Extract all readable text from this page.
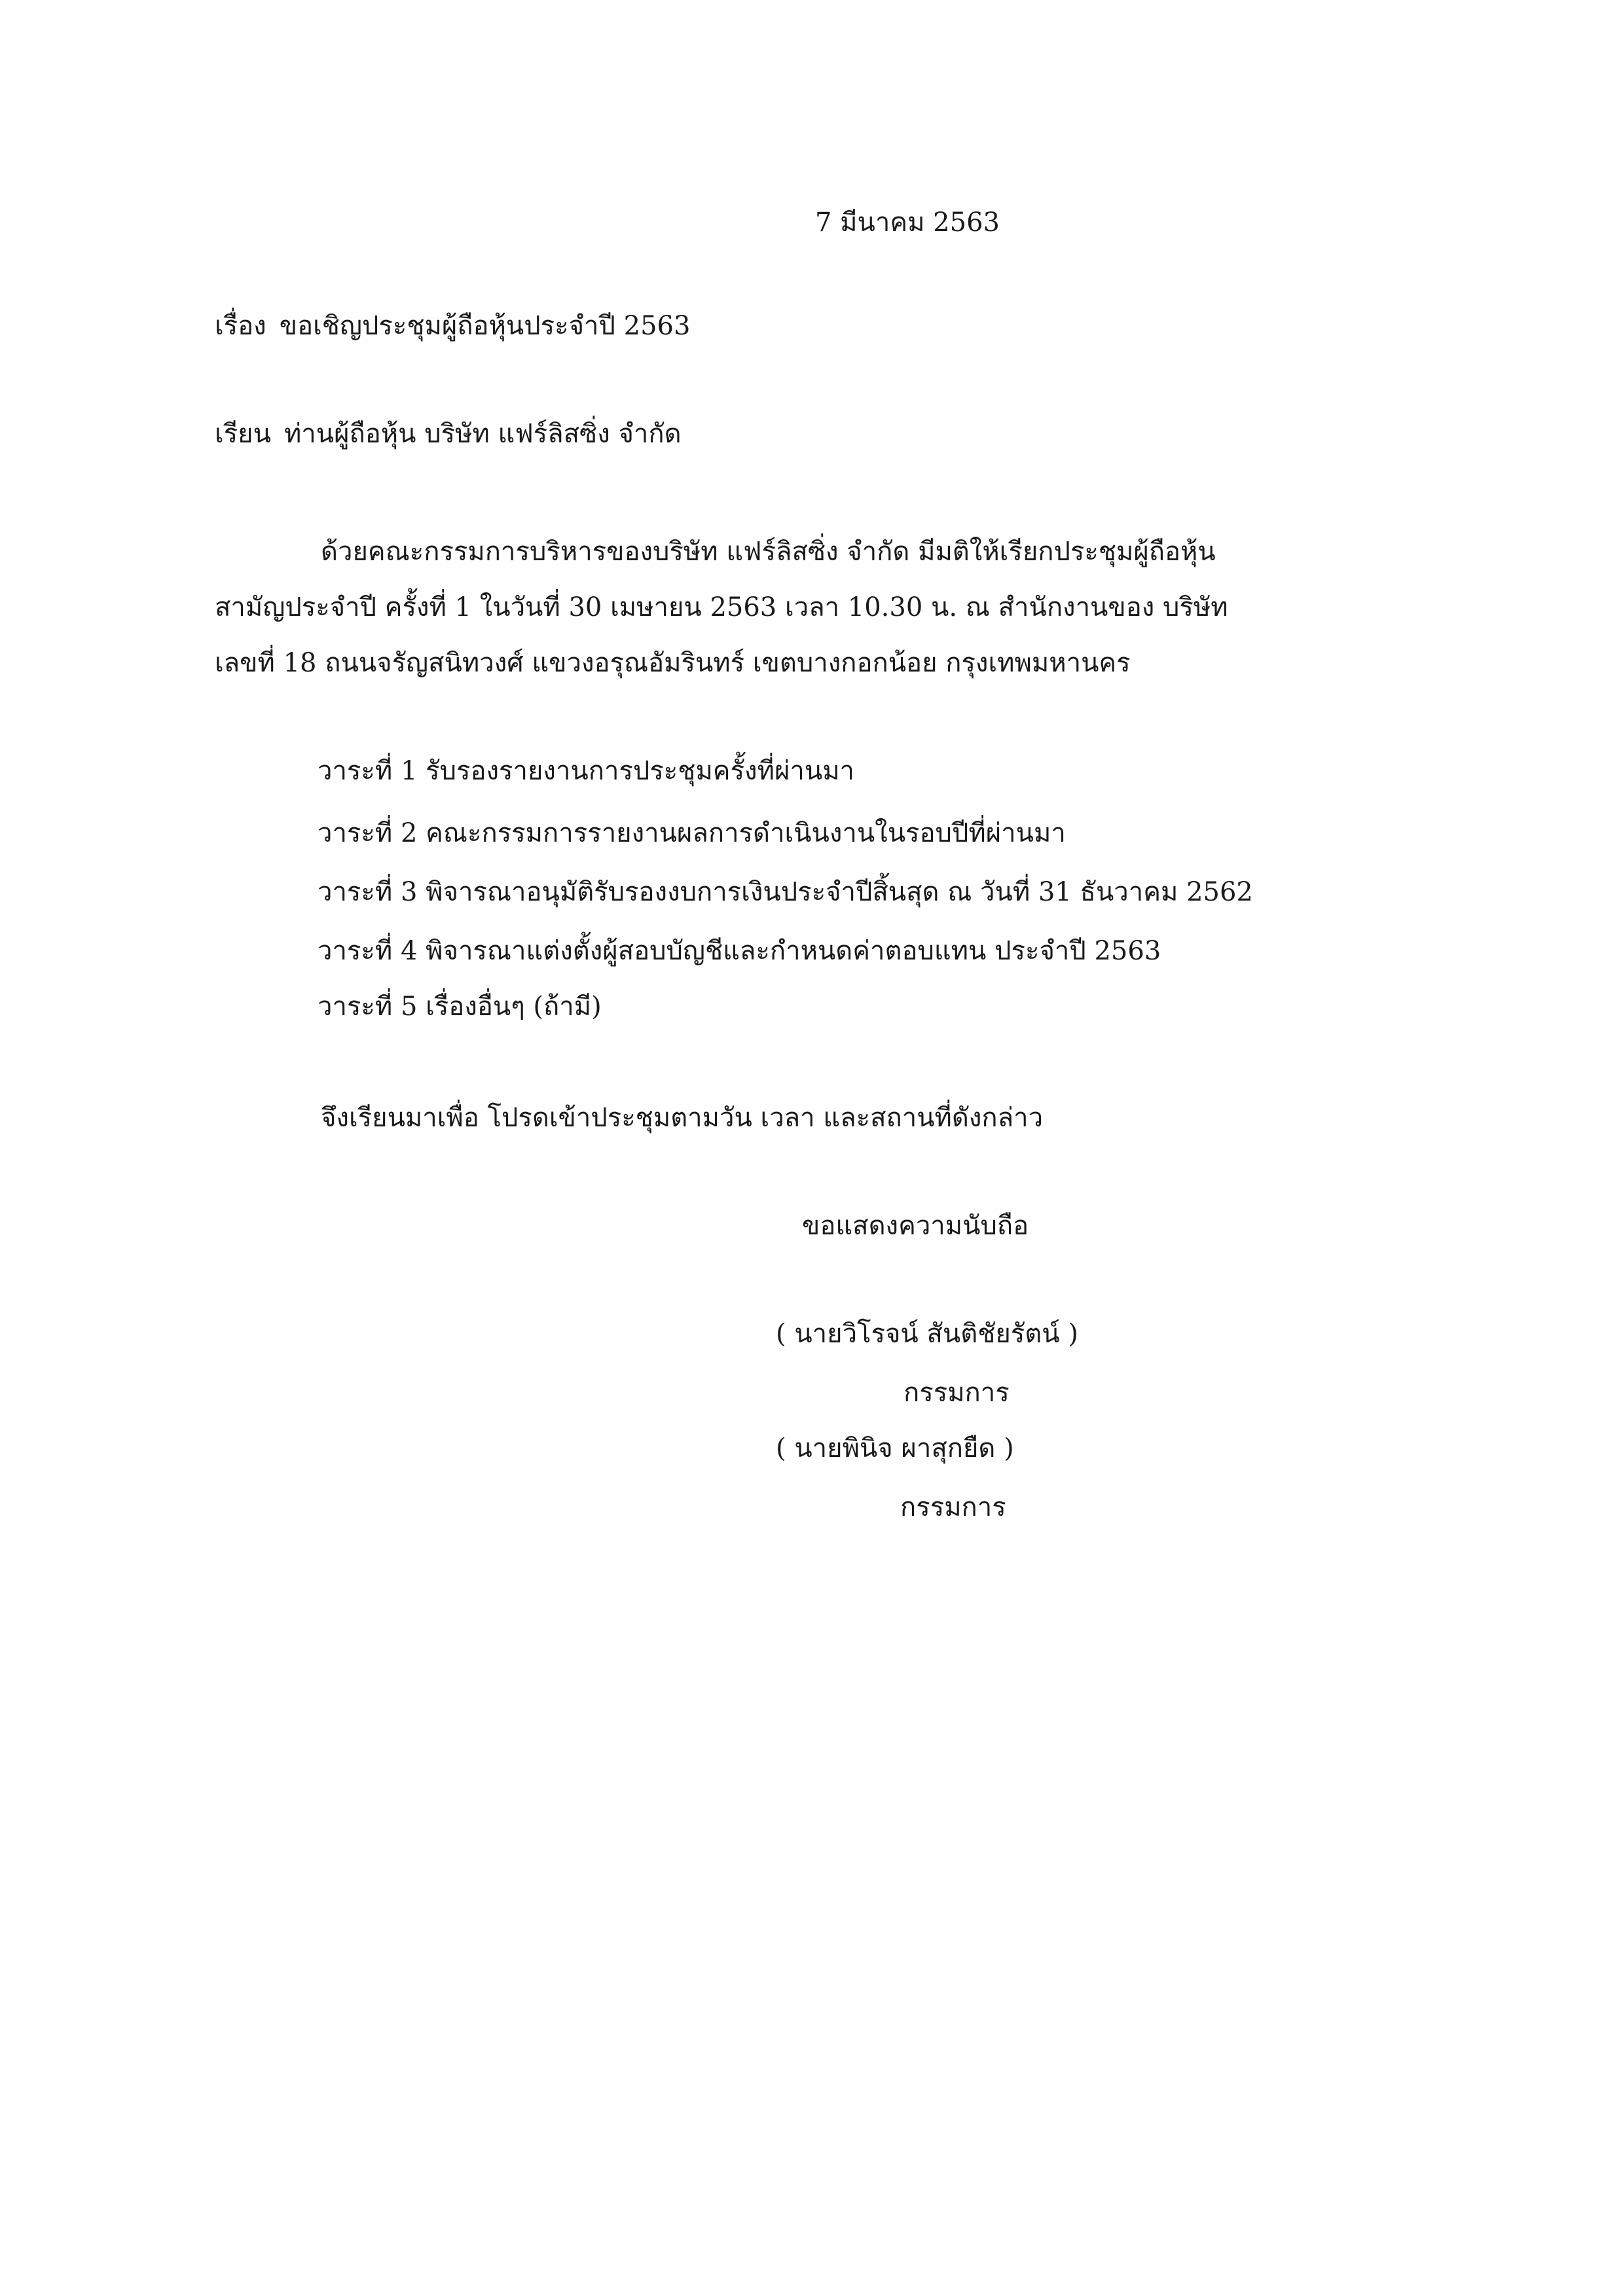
7 มีนาคม 2563
เรื่อง ขอเชิญประชุมผู้ถือหุ้นประจำปี 2563
เรียน ท่านผู้ถือหุ้น บริษัท แฟร์ลิสซิ่ง จำกัด
ด้วยคณะกรรมการบริหารของบริษัท แฟร์ลิสซิ่ง จำกัด มีมติให้เรียกประชุมผู้ถือหุ้น
สามัญประจำปี ครั้งที่ 1 ในวันที่ 30 เมษายน 2563 เวลา 10.30 น. ณ สำนักงานของ บริษัท
เลขที่ 18 ถนนจรัญสนิทวงศ์ แขวงอรุณอัมรินทร์ เขตบางกอกน้อย กรุงเทพมหานคร
วาระที่ 1 รับรองรายงานการประชุมครั้งที่ผ่านมา
วาระที่ 2 คณะกรรมการรายงานผลการดำเนินงานในรอบปีที่ผ่านมา
วาระที่ 3 พิจารณาอนุมัติรับรองงบการเงินประจำปีสิ้นสุด ณ วันที่ 31 ธันวาคม 2562
วาระที่ 4 พิจารณาแต่งตั้งผู้สอบบัญชีและกำหนดค่าตอบแทน ประจำปี 2563
วาระที่ 5 เรื่องอื่นๆ (ถ้ามี)
จึงเรียนมาเพื่อ โปรดเข้าประชุมตามวัน เวลา และสถานที่ดังกล่าว
ขอแสดงความนับถือ
( นายวิโรจน์ สันติชัยรัตน์ )
กรรมการ
( นายพินิจ ผาสุกยืด )
กรรมการ
